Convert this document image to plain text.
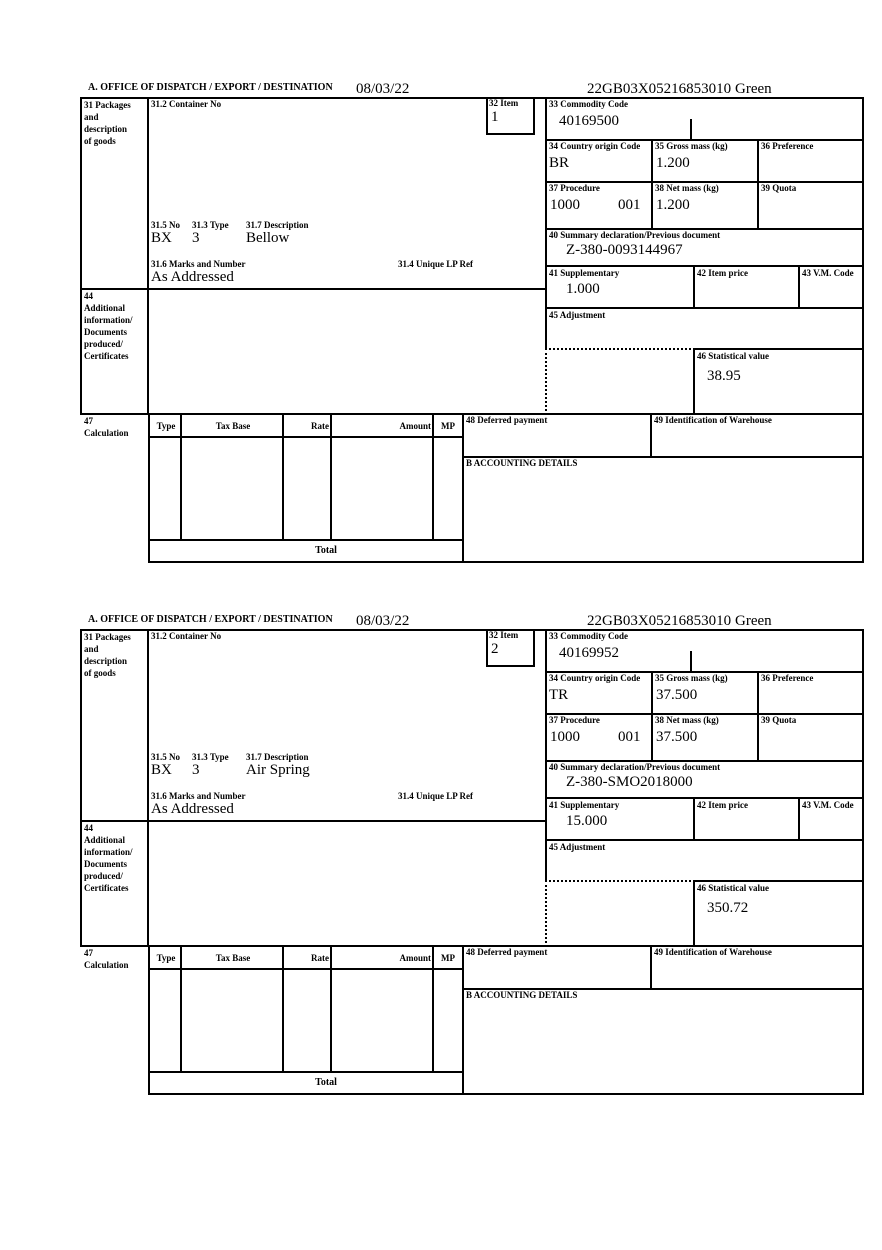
A. OFFICE OF DISPATCH / EXPORT / DESTINATION 08/03/22	22GB03X05216853010 Green
Type	Tax Base	Rate	Amount	MP
Total
31 Packages
and
description
of goods
31.2 Container No
31.5 No 31.3 Type 31.7 Description
BX 3	Bellow
31.6 Marks and Number	31.4 Unique LP Ref
As Addressed
32 Item
1
33 Commodity Code
40169500
34 Country origin Code
BR
35 Gross mass (kg)
1.200
36 Preference
37 Procedure
1000	001
38 Net mass (kg)
1.200
39 Quota
40 Summary declaration/Previous document
Z-380-0093144967
41 Supplementary
1.000
42 Item price	43 V.M. Code
45 Adjustment
46 Statistical value
38.95
44
Additional
information/
Documents
produced/
Certificates
47
Calculation
48 Deferred payment	49 Identification of Warehouse
B ACCOUNTING DETAILS
A. OFFICE OF DISPATCH / EXPORT / DESTINATION 08/03/22	22GB03X05216853010 Green
Type	Tax Base	Rate	Amount	MP
Total
31 Packages
and
description
of goods
31.2 Container No
31.5 No 31.3 Type 31.7 Description
BX 3	Air Spring
31.6 Marks and Number	31.4 Unique LP Ref
As Addressed
32 Item
2
33 Commodity Code
40169952
34 Country origin Code
TR
35 Gross mass (kg)
37.500
36 Preference
37 Procedure
1000	001
38 Net mass (kg)
37.500
39 Quota
40 Summary declaration/Previous document
Z-380-SMO2018000
41 Supplementary
15.000
42 Item price	43 V.M. Code
45 Adjustment
46 Statistical value
350.72
44
Additional
information/
Documents
produced/
Certificates
47
Calculation
48 Deferred payment	49 Identification of Warehouse
B ACCOUNTING DETAILS
